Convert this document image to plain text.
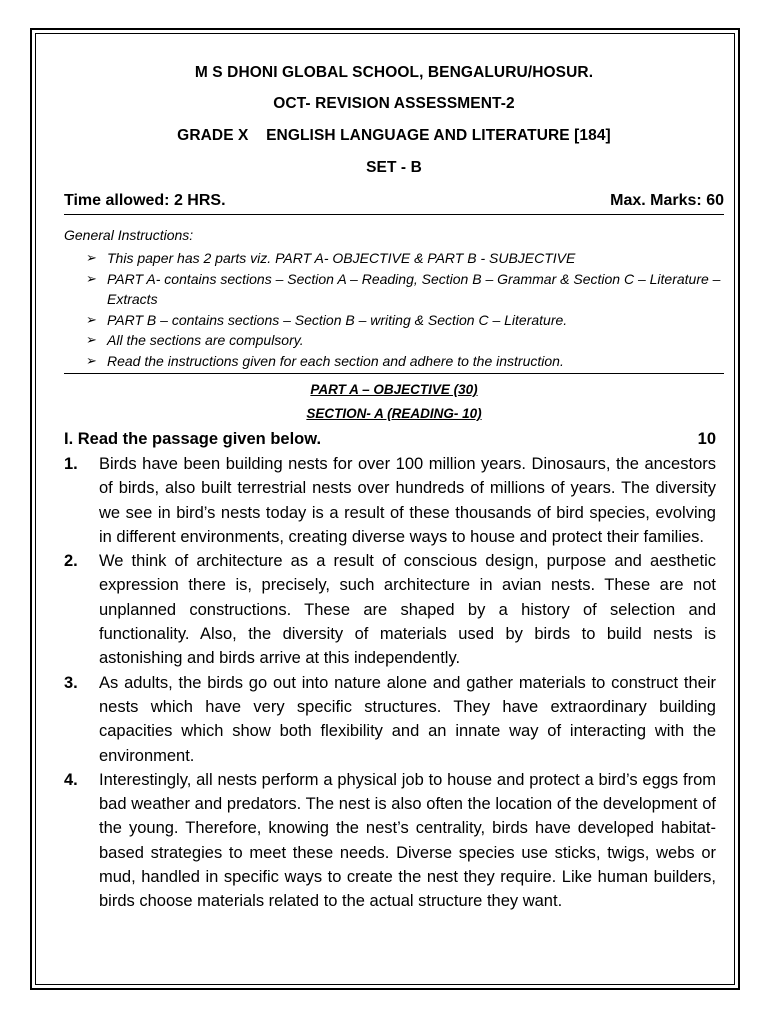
M S DHONI GLOBAL SCHOOL, BENGALURU/HOSUR.
OCT- REVISION ASSESSMENT-2
GRADE X    ENGLISH LANGUAGE AND LITERATURE [184]
SET - B
Time allowed: 2 HRS.	Max. Marks: 60
General Instructions:
➢ This paper has 2 parts viz. PART A- OBJECTIVE & PART B - SUBJECTIVE
➢ PART A- contains sections – Section A – Reading, Section B – Grammar & Section C – Literature – Extracts
➢ PART B – contains sections – Section B – writing & Section C – Literature.
➢ All the sections are compulsory.
➢ Read the instructions given for each section and adhere to the instruction.
PART A – OBJECTIVE (30)
SECTION- A (READING- 10)
I. Read the passage given below.	10
1.	Birds have been building nests for over 100 million years. Dinosaurs, the ancestors of birds, also built terrestrial nests over hundreds of millions of years. The diversity we see in bird’s nests today is a result of these thousands of bird species, evolving in different environments, creating diverse ways to house and protect their families.
2.	We think of architecture as a result of conscious design, purpose and aesthetic expression there is, precisely, such architecture in avian nests. These are not unplanned constructions. These are shaped by a history of selection and functionality. Also, the diversity of materials used by birds to build nests is astonishing and birds arrive at this independently.
3.	As adults, the birds go out into nature alone and gather materials to construct their nests which have very specific structures. They have extraordinary building capacities which show both flexibility and an innate way of interacting with the environment.
4.	Interestingly, all nests perform a physical job to house and protect a bird’s eggs from bad weather and predators. The nest is also often the location of the development of the young. Therefore, knowing the nest’s centrality, birds have developed habitat-based strategies to meet these needs. Diverse species use sticks, twigs, webs or mud, handled in specific ways to create the nest they require. Like human builders, birds choose materials related to the actual structure they want.
